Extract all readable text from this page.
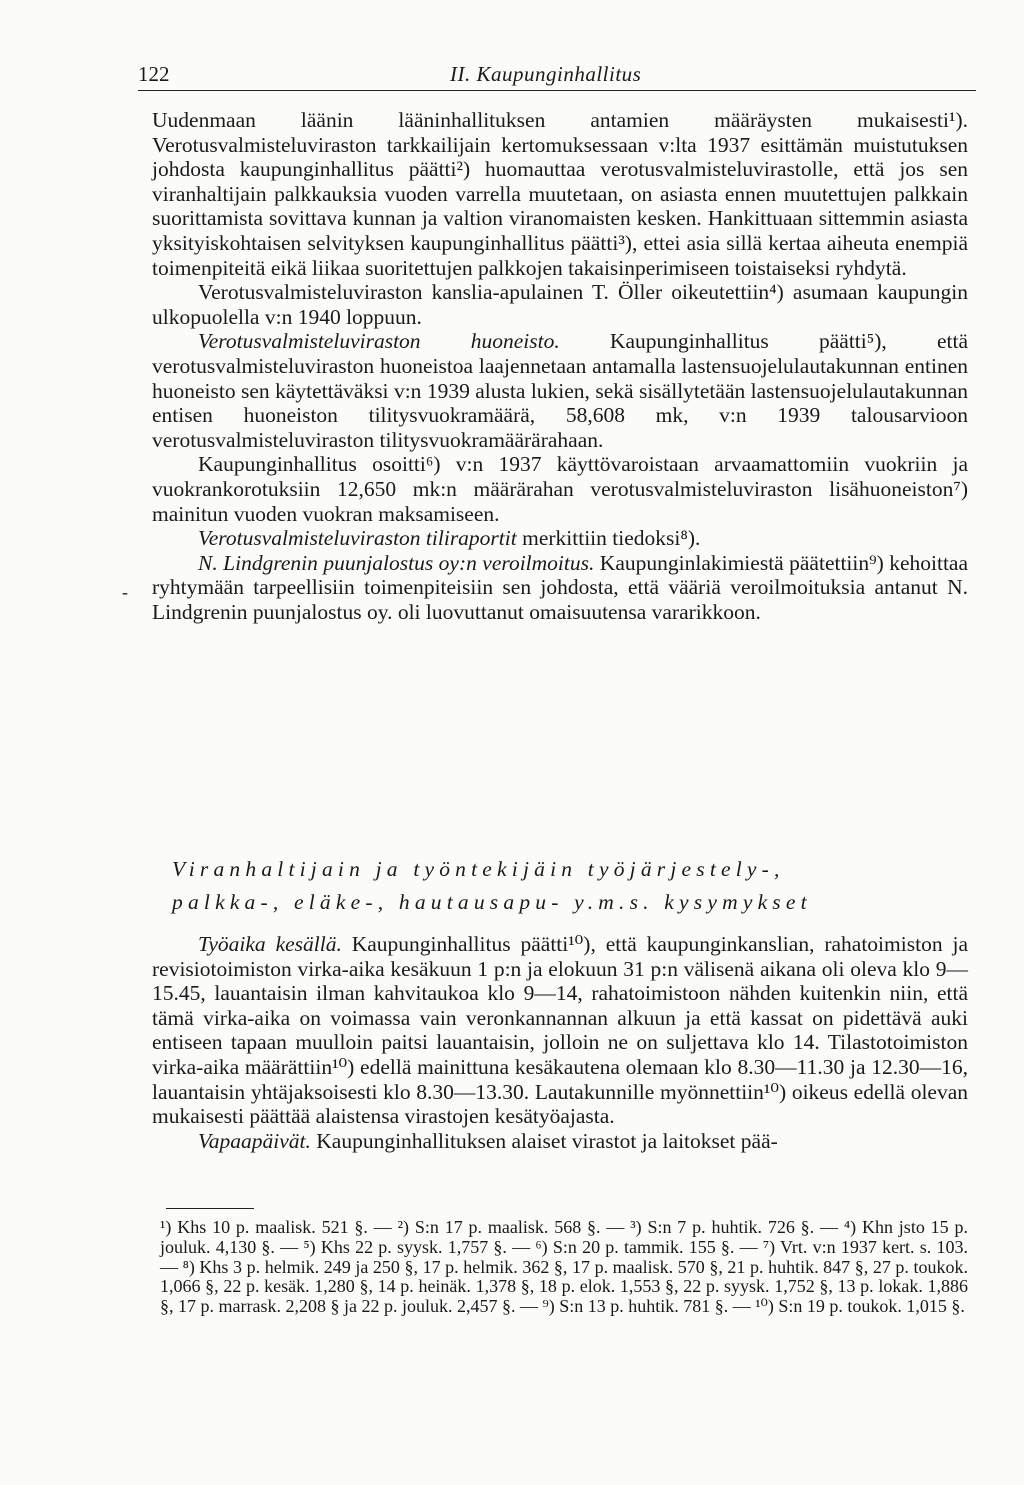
122	II. Kaupunginhallitus

Uudenmaan läänin lääninhallituksen antamien määräysten mukaisesti¹). Verotusvalmisteluviraston tarkkailijain kertomuksessaan v:lta 1937 esittämän muistutuksen johdosta kaupunginhallitus päätti²) huomauttaa verotusvalmisteluvirastolle, että jos sen viranhaltijain palkkauksia vuoden varrella muutetaan, on asiasta ennen muutettujen palkkain suorittamista sovittava kunnan ja valtion viranomaisten kesken. Hankittuaan sittemmin asiasta yksityiskohtaisen selvityksen kaupunginhallitus päätti³), ettei asia sillä kertaa aiheuta enempiä toimenpiteitä eikä liikaa suoritettujen palkkojen takaisinperimiseen toistaiseksi ryhdytä.

Verotusvalmisteluviraston kanslia-apulainen T. Öller oikeutettiin⁴) asumaan kaupungin ulkopuolella v:n 1940 loppuun.

Verotusvalmisteluviraston huoneisto. Kaupunginhallitus päätti⁵), että verotusvalmisteluviraston huoneistoa laajennetaan antamalla lastensuojelulautakunnan entinen huoneisto sen käytettäväksi v:n 1939 alusta lukien, sekä sisällytetään lastensuojelulautakunnan entisen huoneiston tilitysvuokramäärä, 58,608 mk, v:n 1939 talousarvioon verotusvalmisteluviraston tilitysvuokramäärärahaan.

Kaupunginhallitus osoitti⁶) v:n 1937 käyttövaroistaan arvaamattomiin vuokriin ja vuokrankorotuksiin 12,650 mk:n määrärahan verotusvalmisteluviraston lisähuoneiston⁷) mainitun vuoden vuokran maksamiseen.

Verotusvalmisteluviraston tiliraportit merkittiin tiedoksi⁸).

N. Lindgrenin puunjalostus oy:n veroilmoitus. Kaupunginlakimiestä päätettiin⁹) kehoittaa ryhtymään tarpeellisiin toimenpiteisiin sen johdosta, että vääriä veroilmoituksia antanut N. Lindgrenin puunjalostus oy. oli luovuttanut omaisuutensa vararikkoon.

-
Viranhaltijain ja työntekijäin työjärjestely-,
palkka-, eläke-, hautausapu- y.m.s. kysymykset

Työaika kesällä. Kaupunginhallitus päätti¹⁰), että kaupunginkanslian, rahatoimiston ja revisiotoimiston virka-aika kesäkuun 1 p:n ja elokuun 31 p:n välisenä aikana oli oleva klo 9—15.45, lauantaisin ilman kahvitaukoa klo 9—14, rahatoimistoon nähden kuitenkin niin, että tämä virka-aika on voimassa vain veronkannannan alkuun ja että kassat on pidettävä auki entiseen tapaan muulloin paitsi lauantaisin, jolloin ne on suljettava klo 14. Tilastotoimiston virka-aika määrättiin¹⁰) edellä mainittuna kesäkautena olemaan klo 8.30—11.30 ja 12.30—16, lauantaisin yhtäjaksoisesti klo 8.30—13.30. Lautakunnille myönnettiin¹⁰) oikeus edellä olevan mukaisesti päättää alaistensa virastojen kesätyöajasta.

Vapaapäivät. Kaupunginhallituksen alaiset virastot ja laitokset pää-

¹) Khs 10 p. maalisk. 521 §. — ²) S:n 17 p. maalisk. 568 §. — ³) S:n 7 p. huhtik. 726 §. — ⁴) Khn jsto 15 p. jouluk. 4,130 §. — ⁵) Khs 22 p. syysk. 1,757 §. — ⁶) S:n 20 p. tammik. 155 §. — ⁷) Vrt. v:n 1937 kert. s. 103. — ⁸) Khs 3 p. helmik. 249 ja 250 §, 17 p. helmik. 362 §, 17 p. maalisk. 570 §, 21 p. huhtik. 847 §, 27 p. toukok. 1,066 §, 22 p. kesäk. 1,280 §, 14 p. heinäk. 1,378 §, 18 p. elok. 1,553 §, 22 p. syysk. 1,752 §, 13 p. lokak. 1,886 §, 17 p. marrask. 2,208 § ja 22 p. jouluk. 2,457 §. — ⁹) S:n 13 p. huhtik. 781 §. — ¹⁰) S:n 19 p. toukok. 1,015 §.
